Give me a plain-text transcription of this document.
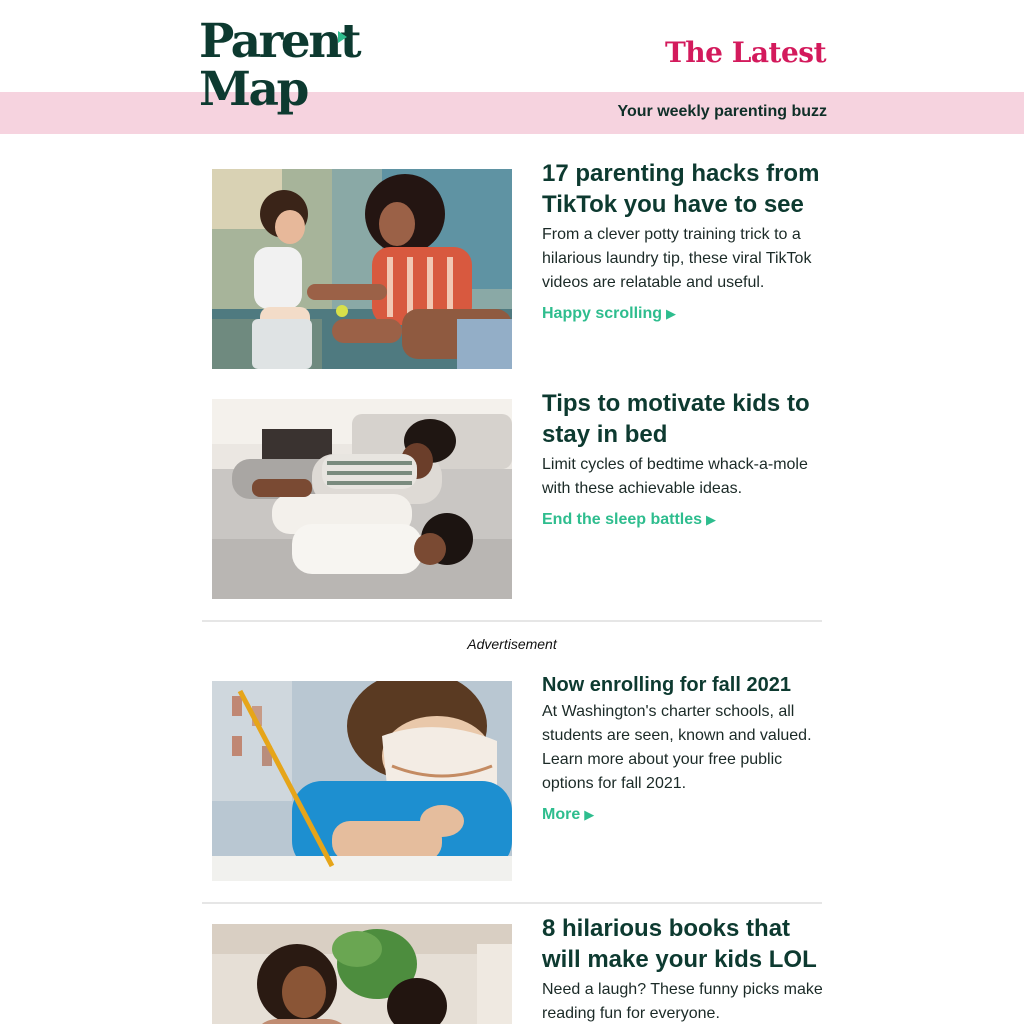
Parent
Map
The Latest
Your weekly parenting buzz
17 parenting hacks from TikTok you have to see

From a clever potty training trick to a hilarious laundry tip, these viral TikTok videos are relatable and useful.

Happy scrolling ▶
Tips to motivate kids to stay in bed

Limit cycles of bedtime whack-a-mole with these achievable ideas.

End the sleep battles ▶
Advertisement
Now enrolling for fall 2021

At Washington's charter schools, all students are seen, known and valued. Learn more about your free public options for fall 2021.

More ▶
8 hilarious books that will make your kids LOL

Need a laugh? These funny picks make reading fun for everyone.
